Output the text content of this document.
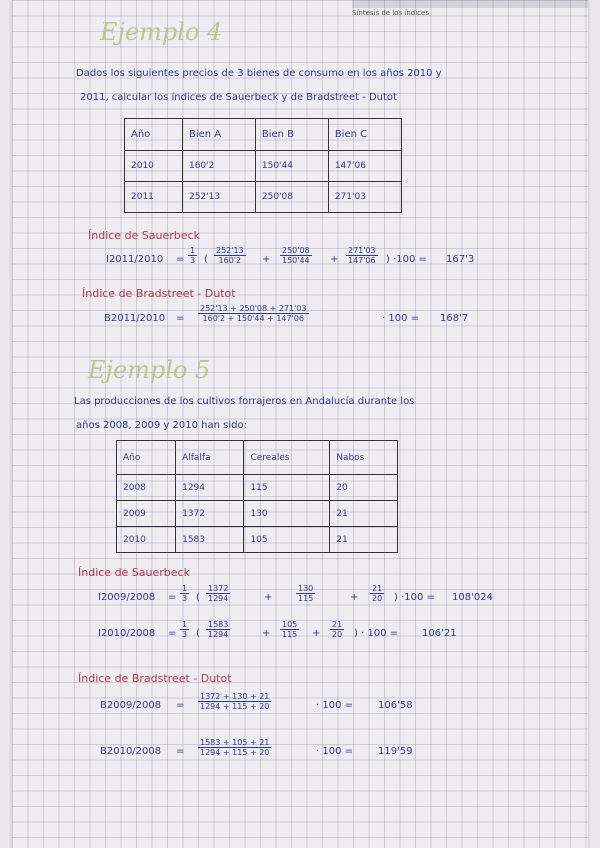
Síntesis de los índices
Ejemplo 4
Dados los siguientes precios de 3 bienes de consumo en los años 2010 y
2011, calcular los índices de Sauerbeck y de Bradstreet - Dutot
Año	Bien A	Bien B	Bien C
2010	160'2	150'44	147'06
2011	252'13	250'08	271'03
Índice de Sauerbeck
$I2011/2010 = \frac{1}{3}$ ( $\frac{252'13}{160'2} + \frac{250'08}{150'44} + \frac{271'03}{147'06}$ ) ·100 = 167'3
Índice de Bradstreet - Dutot
$B2011/2010 = \frac{252'13 + 250'08 + 271'03}{160'2 + 150'44 + 147'06}$	· 100 = 168'7
Ejemplo 5
Las producciones de los cultivos forrajeros en Andalucía durante los
años 2008, 2009 y 2010 han sido:
Año	Alfalfa	Cereales	Nabos
2008	1294	115	20
2009	1372	130	21
2010	1583	105	21
Índice de Sauerbeck
$I2009/2008 = \frac{1}{3}$ ( $\frac{1372}{1294}$	+	$\frac{130}{115}$	+ $\frac{21}{20}$ ) ·100 = 108'024
$I2010/2008 = \frac{1}{3}$ ( $\frac{1583}{1294}$	+ $\frac{105}{115} + \frac{21}{20}$ ) · 100 = 106'21
Índice de Bradstreet - Dutot
$B2009/2008 = \frac{1372 + 130 + 21}{1294 + 115 + 20}$	· 100 = 106'58
$B2010/2008 = \frac{1583 + 105 + 21}{1294 + 115 + 20}$	· 100 = 119'59
